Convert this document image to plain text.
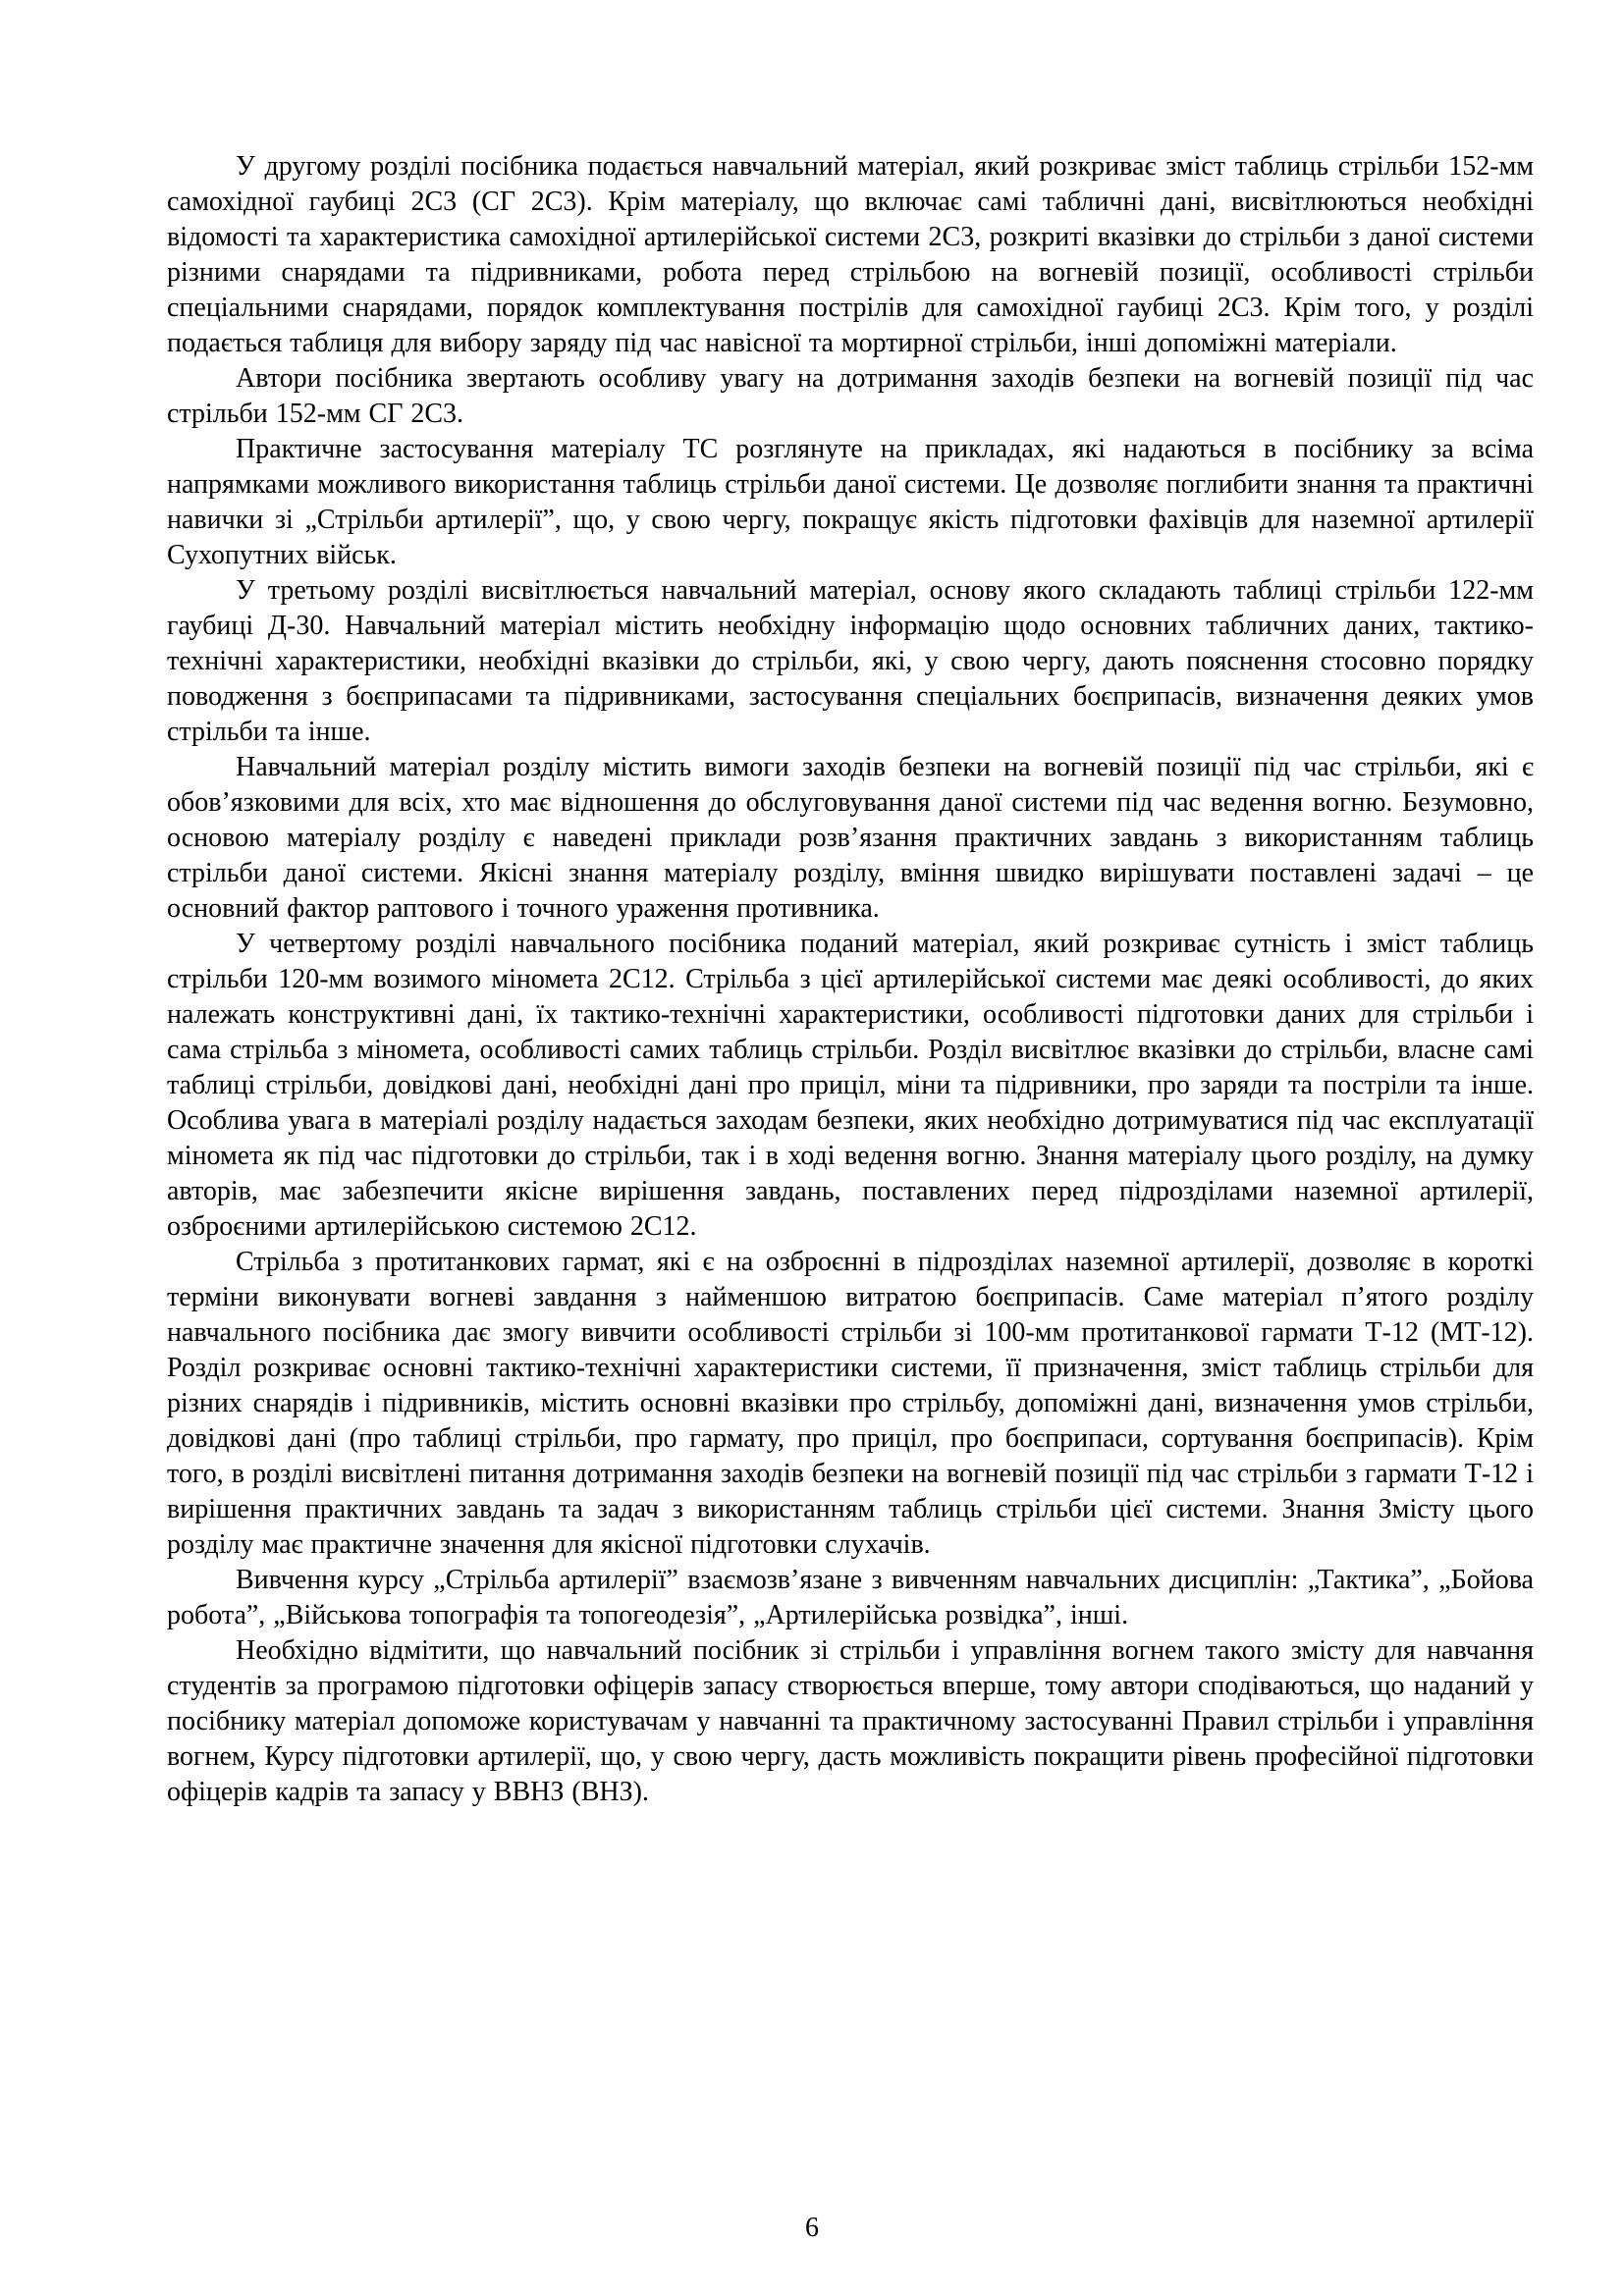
У другому розділі посібника подається навчальний матеріал, який розкриває зміст таблиць стрільби 152-мм самохідної гаубиці 2С3 (СГ 2С3). Крім матеріалу, що включає самі табличні дані, висвітлюються необхідні відомості та характеристика самохідної артилерійської системи 2С3, розкриті вказівки до стрільби з даної системи різними снарядами та підривниками, робота перед стрільбою на вогневій позиції, особливості стрільби спеціальними снарядами, порядок комплектування пострілів для самохідної гаубиці 2С3. Крім того, у розділі подається таблиця для вибору заряду під час навісної та мортирної стрільби, інші допоміжні матеріали.

Автори посібника звертають особливу увагу на дотримання заходів безпеки на вогневій позиції під час стрільби 152-мм СГ 2С3.

Практичне застосування матеріалу ТС розглянуте на прикладах, які надаються в посібнику за всіма напрямками можливого використання таблиць стрільби даної системи. Це дозволяє поглибити знання та практичні навички зі „Стрільби артилерії”, що, у свою чергу, покращує якість підготовки фахівців для наземної артилерії Сухопутних військ.

У третьому розділі висвітлюється навчальний матеріал, основу якого складають таблиці стрільби 122-мм гаубиці Д-30. Навчальний матеріал містить необхідну інформацію щодо основних табличних даних, тактико-технічні характеристики, необхідні вказівки до стрільби, які, у свою чергу, дають пояснення стосовно порядку поводження з боєприпасами та підривниками, застосування спеціальних боєприпасів, визначення деяких умов стрільби та інше.

Навчальний матеріал розділу містить вимоги заходів безпеки на вогневій позиції під час стрільби, які є обов’язковими для всіх, хто має відношення до обслуговування даної системи під час ведення вогню. Безумовно, основою матеріалу розділу є наведені приклади розв’язання практичних завдань з використанням таблиць стрільби даної системи. Якісні знання матеріалу розділу, вміння швидко вирішувати поставлені задачі – це основний фактор раптового і точного ураження противника.

У четвертому розділі навчального посібника поданий матеріал, який розкриває сутність і зміст таблиць стрільби 120-мм возимого міномета 2С12. Стрільба з цієї артилерійської системи має деякі особливості, до яких належать конструктивні дані, їх тактико-технічні характеристики, особливості підготовки даних для стрільби і сама стрільба з міномета, особливості самих таблиць стрільби. Розділ висвітлює вказівки до стрільби, власне самі таблиці стрільби, довідкові дані, необхідні дані про приціл, міни та підривники, про заряди та постріли та інше. Особлива увага в матеріалі розділу надається заходам безпеки, яких необхідно дотримуватися під час експлуатації міномета як під час підготовки до стрільби, так і в ході ведення вогню. Знання матеріалу цього розділу, на думку авторів, має забезпечити якісне вирішення завдань, поставлених перед підрозділами наземної артилерії, озброєними артилерійською системою 2С12.

Стрільба з протитанкових гармат, які є на озброєнні в підрозділах наземної артилерії, дозволяє в короткі терміни виконувати вогневі завдання з найменшою витратою боєприпасів. Саме матеріал п’ятого розділу навчального посібника дає змогу вивчити особливості стрільби зі 100-мм протитанкової гармати Т-12 (МТ-12). Розділ розкриває основні тактико-технічні характеристики системи, її призначення, зміст таблиць стрільби для різних снарядів і підривників, містить основні вказівки про стрільбу, допоміжні дані, визначення умов стрільби, довідкові дані (про таблиці стрільби, про гармату, про приціл, про боєприпаси, сортування боєприпасів). Крім того, в розділі висвітлені питання дотримання заходів безпеки на вогневій позиції під час стрільби з гармати Т-12 і вирішення практичних завдань та задач з використанням таблиць стрільби цієї системи. Знання Змісту цього розділу має практичне значення для якісної підготовки слухачів.

Вивчення курсу „Стрільба артилерії” взаємозв’язане з вивченням навчальних дисциплін: „Тактика”, „Бойова робота”, „Військова топографія та топогеодезія”, „Артилерійська розвідка”, інші.

Необхідно відмітити, що навчальний посібник зі стрільби і управління вогнем такого змісту для навчання студентів за програмою підготовки офіцерів запасу створюється вперше, тому автори сподіваються, що наданий у посібнику матеріал допоможе користувачам у навчанні та практичному застосуванні Правил стрільби і управління вогнем, Курсу підготовки артилерії, що, у свою чергу, дасть можливість покращити рівень професійної підготовки офіцерів кадрів та запасу у ВВНЗ (ВНЗ).

6
